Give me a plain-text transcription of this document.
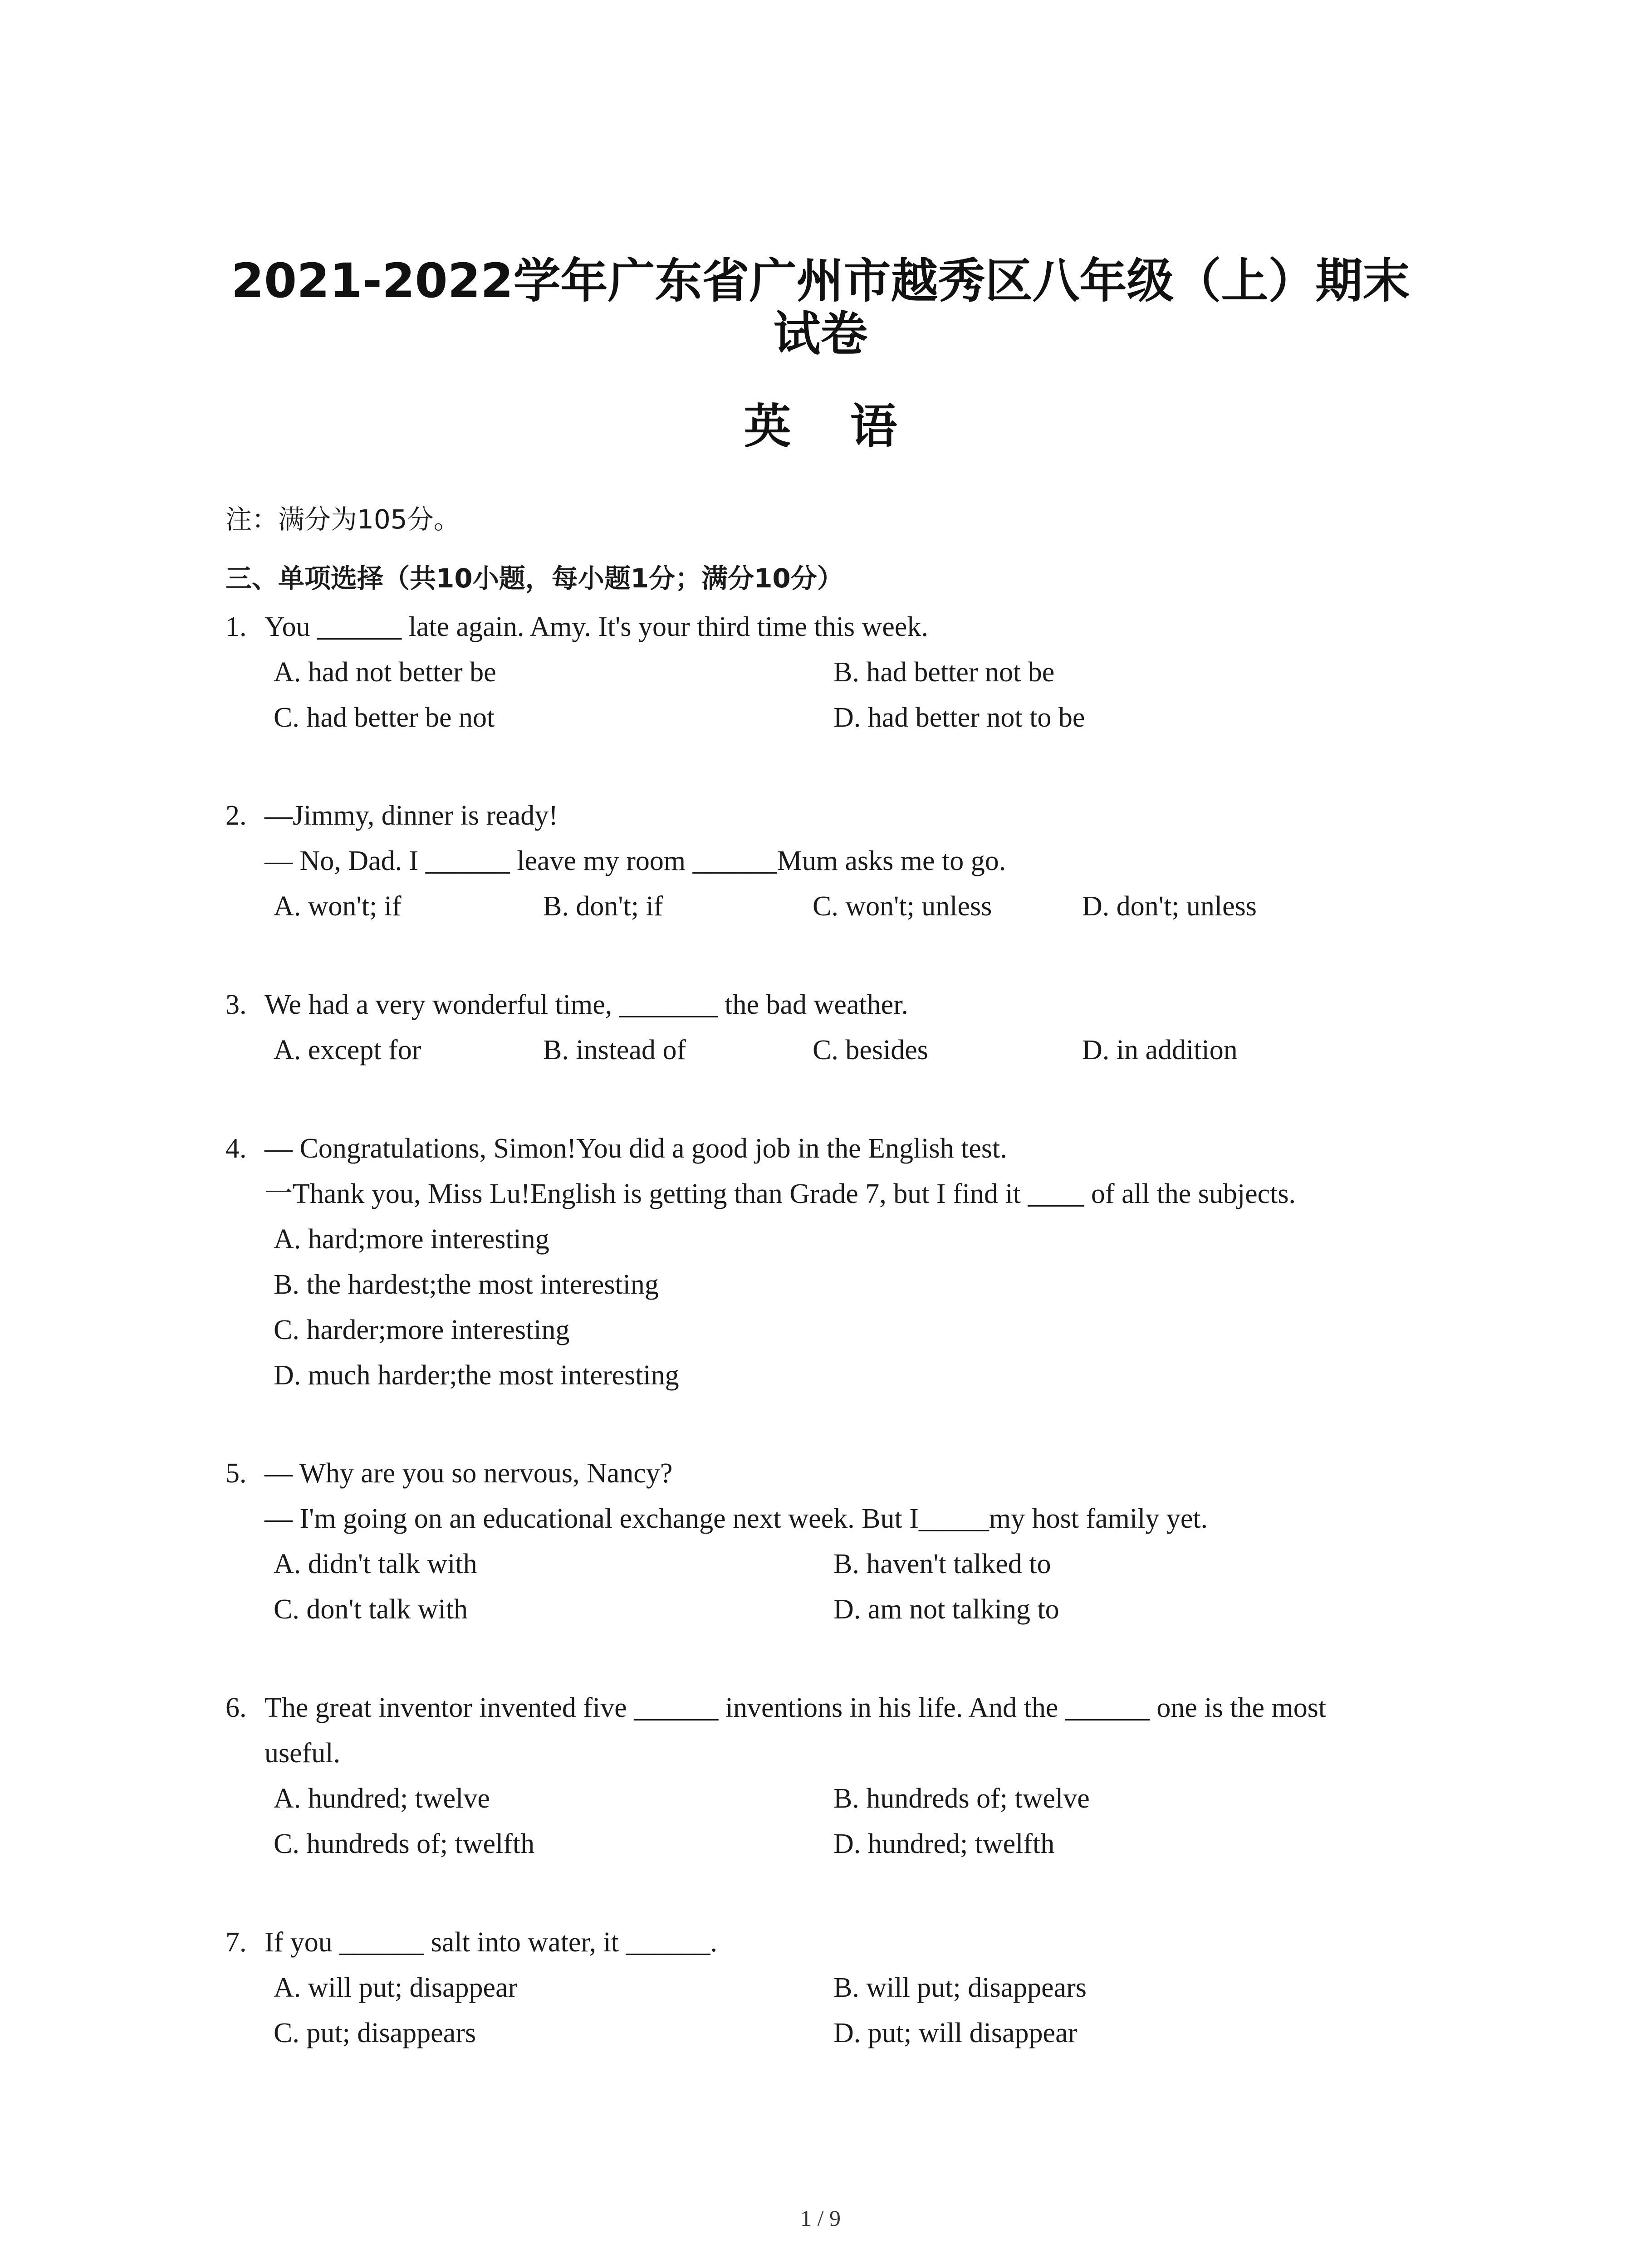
2021-2022学年广东省广州市越秀区八年级（上）期末
试卷
英语
注：满分为105分。
三、单项选择（共10小题，每小题1分；满分10分）
1. You ______ late again. Amy. It's your third time this week.
A. had not better be	B. had better not be
C. had better be not	D. had better not to be
2. —Jimmy, dinner is ready!
— No, Dad. I ______ leave my room ______Mum asks me to go.
A. won't; if	B. don't; if	C. won't; unless	D. don't; unless
3. We had a very wonderful time, _______ the bad weather.
A. except for	B. instead of	C. besides	D. in addition
4. — Congratulations, Simon!You did a good job in the English test.
一Thank you, Miss Lu!English is getting than Grade 7, but I find it ____ of all the subjects.
A. hard;more interesting
B. the hardest;the most interesting
C. harder;more interesting
D. much harder;the most interesting
5. — Why are you so nervous, Nancy?
— I'm going on an educational exchange next week. But I_____my host family yet.
A. didn't talk with	B. haven't talked to
C. don't talk with	D. am not talking to
6. The great inventor invented five ______ inventions in his life. And the ______ one is the most
useful.
A. hundred; twelve	B. hundreds of; twelve
C. hundreds of; twelfth	D. hundred; twelfth
7. If you ______ salt into water, it ______.
A. will put; disappear	B. will put; disappears
C. put; disappears	D. put; will disappear
1 / 9
